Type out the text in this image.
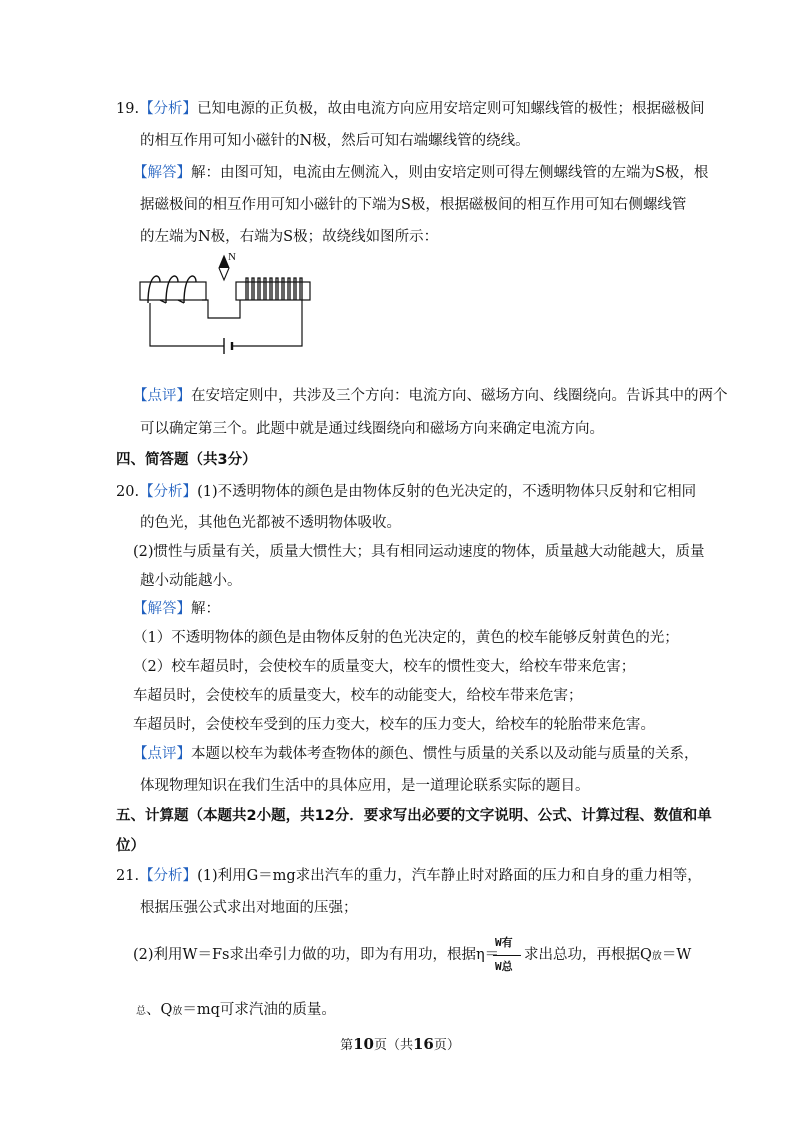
19.【分析】已知电源的正负极，故由电流方向应用安培定则可知螺线管的极性；根据磁极间
的相互作用可知小磁针的N极，然后可知右端螺线管的绕线。
【解答】解：由图可知，电流由左侧流入，则由安培定则可得左侧螺线管的左端为S极，根
据磁极间的相互作用可知小磁针的下端为S极，根据磁极间的相互作用可知右侧螺线管
的左端为N极，右端为S极；故绕线如图所示：
N
【点评】在安培定则中，共涉及三个方向：电流方向、磁场方向、线圈绕向。告诉其中的两个
可以确定第三个。此题中就是通过线圈绕向和磁场方向来确定电流方向。
四、简答题（共3分）
20.【分析】(1)不透明物体的颜色是由物体反射的色光决定的，不透明物体只反射和它相同
的色光，其他色光都被不透明物体吸收。
(2)惯性与质量有关，质量大惯性大；具有相同运动速度的物体，质量越大动能越大，质量
越小动能越小。
【解答】解：
（1）不透明物体的颜色是由物体反射的色光决定的，黄色的校车能够反射黄色的光；
（2）校车超员时，会使校车的质量变大，校车的惯性变大，给校车带来危害；
车超员时，会使校车的质量变大，校车的动能变大，给校车带来危害；
车超员时，会使校车受到的压力变大，校车的压力变大，给校车的轮胎带来危害。
【点评】本题以校车为载体考查物体的颜色、惯性与质量的关系以及动能与质量的关系，
体现物理知识在我们生活中的具体应用，是一道理论联系实际的题目。
五、计算题（本题共2小题，共12分．要求写出必要的文字说明、公式、计算过程、数值和单
位）
21.【分析】(1)利用G＝mg求出汽车的重力，汽车静止时对路面的压力和自身的重力相等，
根据压强公式求出对地面的压强；
(2)利用W＝Fs求出牵引力做的功，即为有用功，根据η＝
W有
W总
求出总功，再根据Q放＝W
总、Q放＝mq可求汽油的质量。
第10页（共16页）
